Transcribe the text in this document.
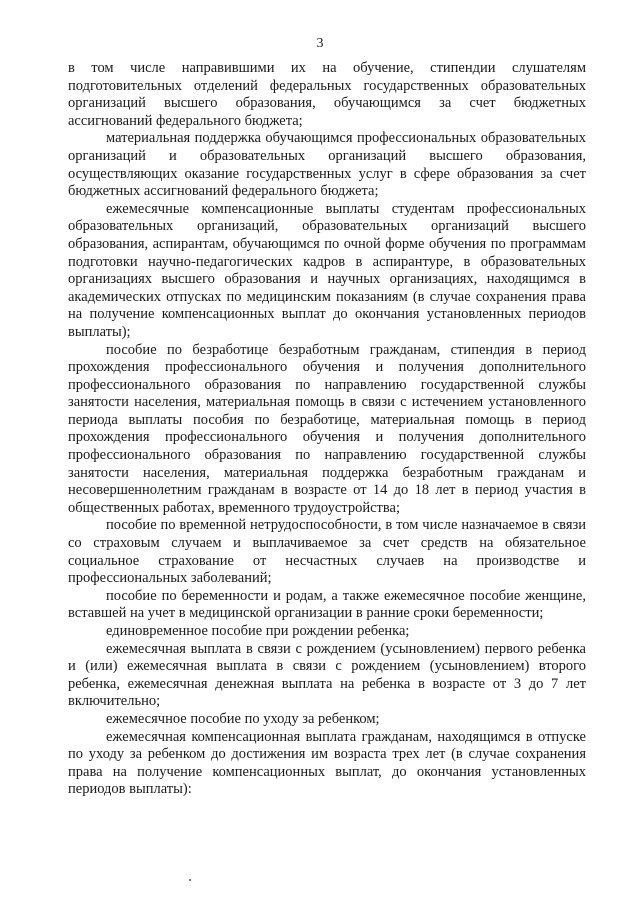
3

в том числе направившими их на обучение, стипендии слушателям подготовительных отделений федеральных государственных образовательных организаций высшего образования, обучающимся за счет бюджетных ассигнований федерального бюджета;

материальная поддержка обучающимся профессиональных образовательных организаций и образовательных организаций высшего образования, осуществляющих оказание государственных услуг в сфере образования за счет бюджетных ассигнований федерального бюджета;

ежемесячные компенсационные выплаты студентам профессиональных образовательных организаций, образовательных организаций высшего образования, аспирантам, обучающимся по очной форме обучения по программам подготовки научно-педагогических кадров в аспирантуре, в образовательных организациях высшего образования и научных организациях, находящимся в академических отпусках по медицинским показаниям (в случае сохранения права на получение компенсационных выплат до окончания установленных периодов выплаты);

пособие по безработице безработным гражданам, стипендия в период прохождения профессионального обучения и получения дополнительного профессионального образования по направлению государственной службы занятости населения, материальная помощь в связи с истечением установленного периода выплаты пособия по безработице, материальная помощь в период прохождения профессионального обучения и получения дополнительного профессионального образования по направлению государственной службы занятости населения, материальная поддержка безработным гражданам и несовершеннолетним гражданам в возрасте от 14 до 18 лет в период участия в общественных работах, временного трудоустройства;

пособие по временной нетрудоспособности, в том числе назначаемое в связи со страховым случаем и выплачиваемое за счет средств на обязательное социальное страхование от несчастных случаев на производстве и профессиональных заболеваний;

пособие по беременности и родам, а также ежемесячное пособие женщине, вставшей на учет в медицинской организации в ранние сроки беременности;

единовременное пособие при рождении ребенка;

ежемесячная выплата в связи с рождением (усыновлением) первого ребенка и (или) ежемесячная выплата в связи с рождением (усыновлением) второго ребенка, ежемесячная денежная выплата на ребенка в возрасте от 3 до 7 лет включительно;

ежемесячное пособие по уходу за ребенком;

ежемесячная компенсационная выплата гражданам, находящимся в отпуске по уходу за ребенком до достижения им возраста трех лет (в случае сохранения права на получение компенсационных выплат, до окончания установленных периодов выплаты):
